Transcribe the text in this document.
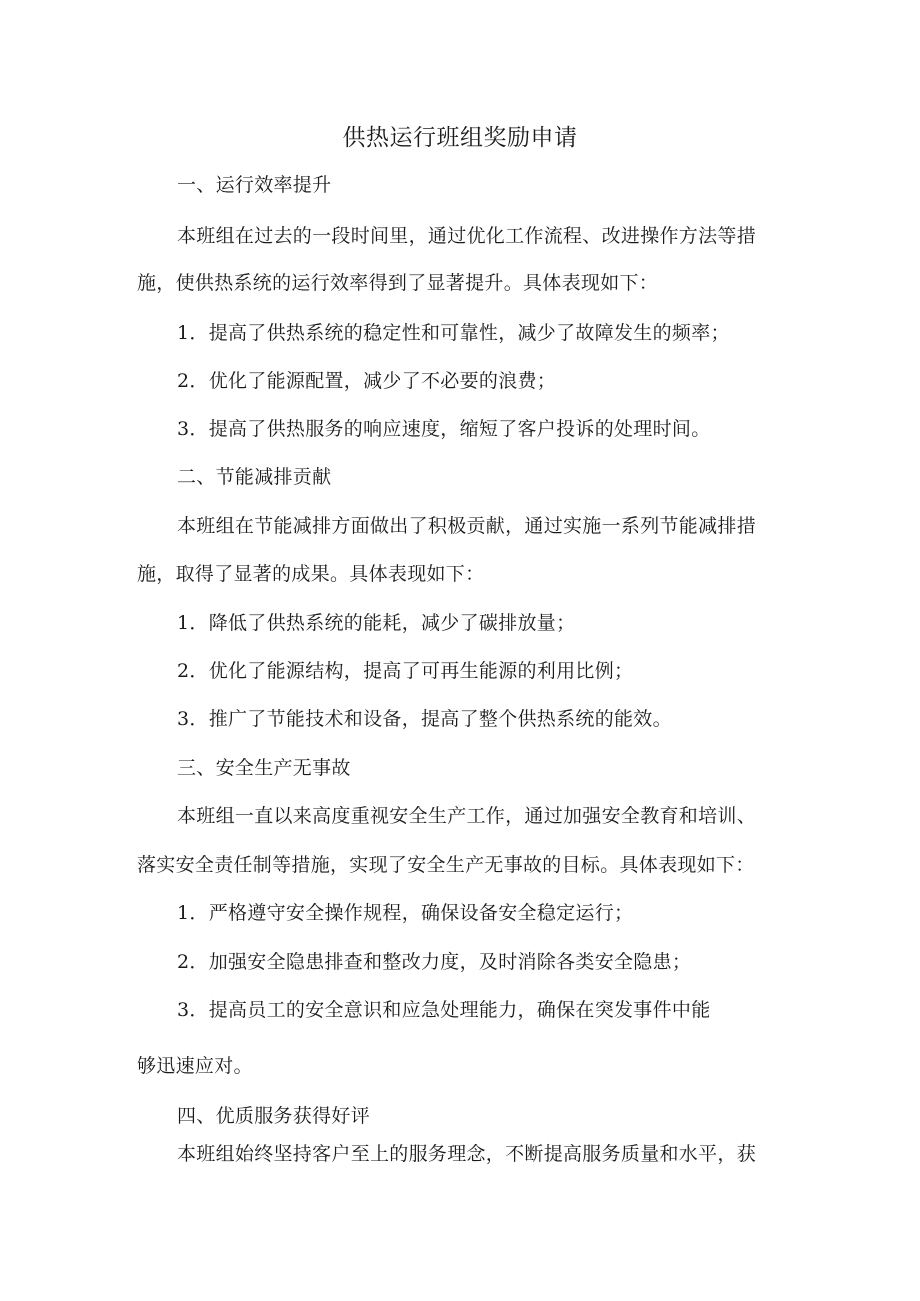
供热运行班组奖励申请
一、运行效率提升
本班组在过去的一段时间里，通过优化工作流程、改进操作方法等措
施，使供热系统的运行效率得到了显著提升。具体表现如下：
1．提高了供热系统的稳定性和可靠性，减少了故障发生的频率；
2．优化了能源配置，减少了不必要的浪费；
3．提高了供热服务的响应速度，缩短了客户投诉的处理时间。
二、节能减排贡献
本班组在节能减排方面做出了积极贡献，通过实施一系列节能减排措
施，取得了显著的成果。具体表现如下：
1．降低了供热系统的能耗，减少了碳排放量；
2．优化了能源结构，提高了可再生能源的利用比例；
3．推广了节能技术和设备，提高了整个供热系统的能效。
三、安全生产无事故
本班组一直以来高度重视安全生产工作，通过加强安全教育和培训、
落实安全责任制等措施，实现了安全生产无事故的目标。具体表现如下：
1．严格遵守安全操作规程，确保设备安全稳定运行；
2．加强安全隐患排查和整改力度，及时消除各类安全隐患；
3．提高员工的安全意识和应急处理能力，确保在突发事件中能
够迅速应对。
四、优质服务获得好评
本班组始终坚持客户至上的服务理念，不断提高服务质量和水平，获
